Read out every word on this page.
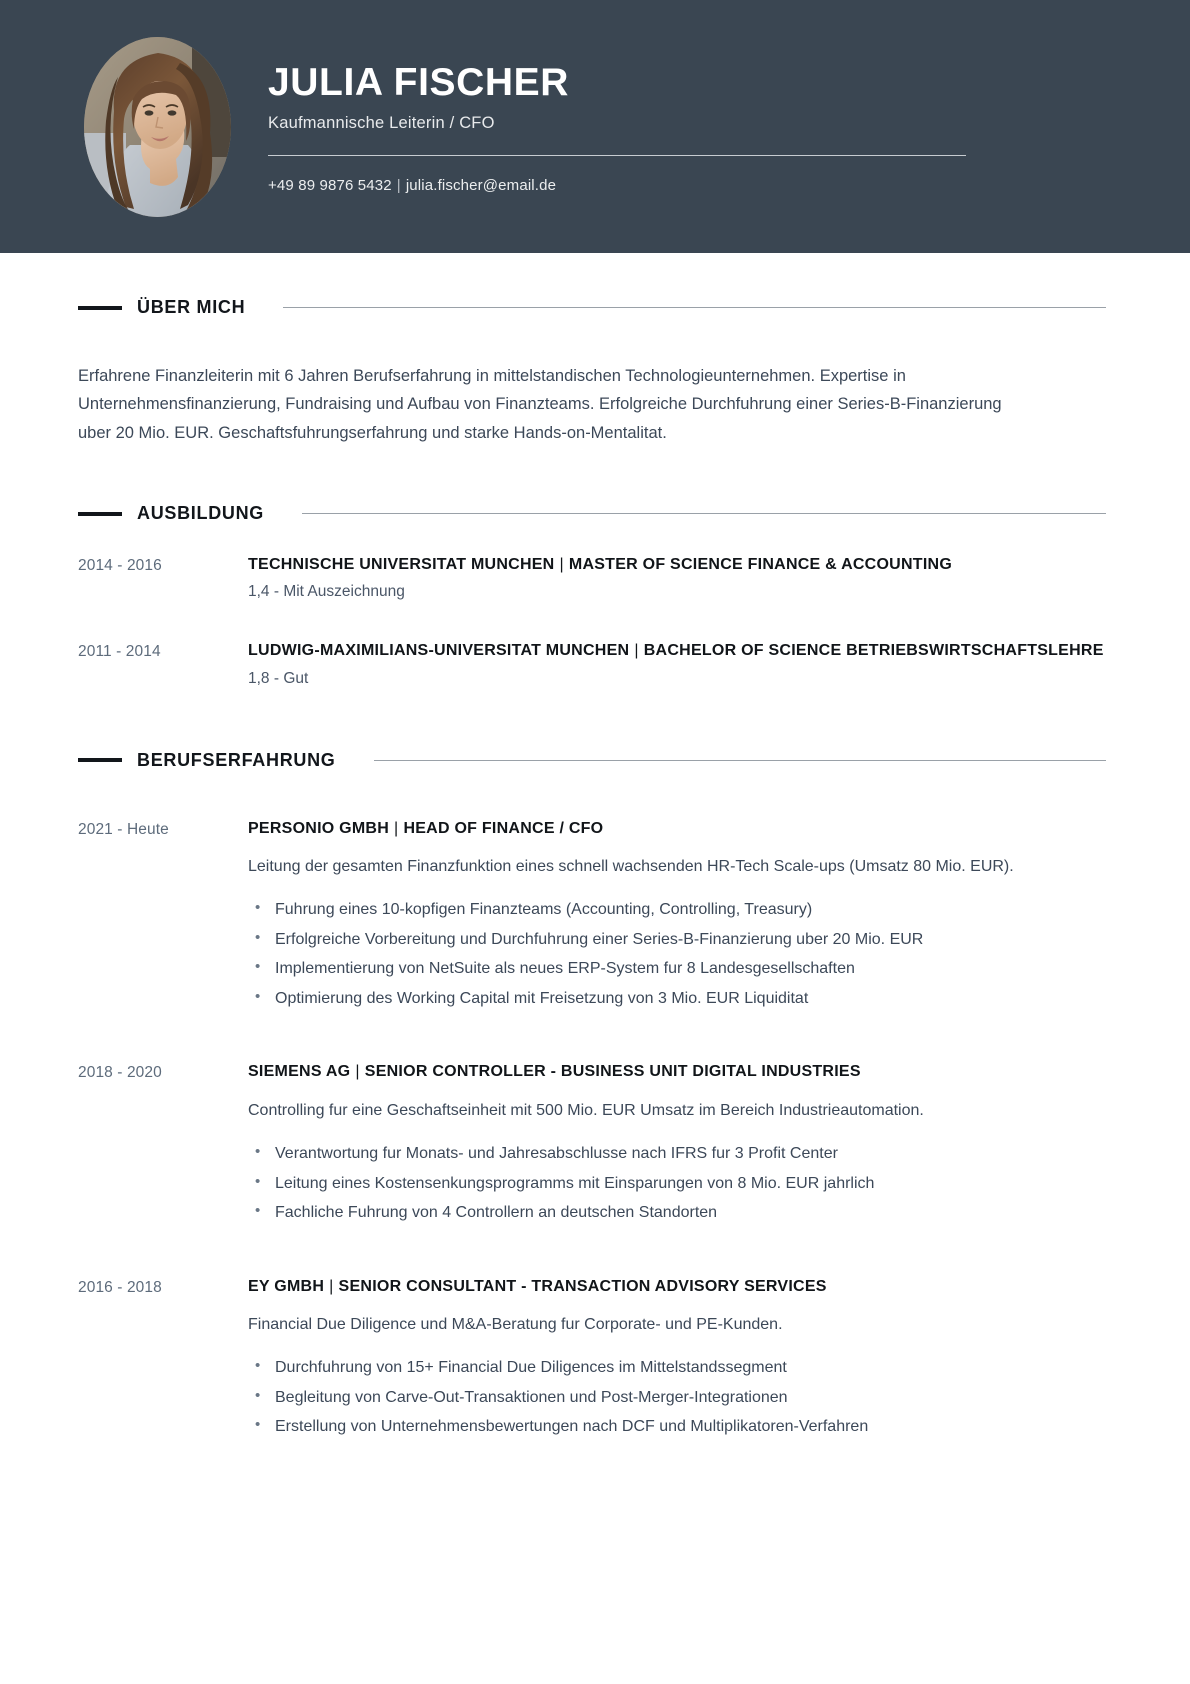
JULIA FISCHER
Kaufmannische Leiterin / CFO
+49 89 9876 5432 | julia.fischer@email.de
ÜBER MICH

Erfahrene Finanzleiterin mit 6 Jahren Berufserfahrung in mittelstandischen Technologieunternehmen. Expertise in Unternehmensfinanzierung, Fundraising und Aufbau von Finanzteams. Erfolgreiche Durchfuhrung einer Series-B-Finanzierung uber 20 Mio. EUR. Geschaftsfuhrungserfahrung und starke Hands-on-Mentalitat.

AUSBILDUNG
2014 - 2016	TECHNISCHE UNIVERSITAT MUNCHEN | MASTER OF SCIENCE FINANCE & ACCOUNTING
1,4 - Mit Auszeichnung
2011 - 2014	LUDWIG-MAXIMILIANS-UNIVERSITAT MUNCHEN | BACHELOR OF SCIENCE BETRIEBSWIRTSCHAFTSLEHRE
1,8 - Gut
BERUFSERFAHRUNG
2021 - Heute	PERSONIO GMBH | HEAD OF FINANCE / CFO

Leitung der gesamten Finanzfunktion eines schnell wachsenden HR-Tech Scale-ups (Umsatz 80 Mio. EUR).

• Fuhrung eines 10-kopfigen Finanzteams (Accounting, Controlling, Treasury)
• Erfolgreiche Vorbereitung und Durchfuhrung einer Series-B-Finanzierung uber 20 Mio. EUR
• Implementierung von NetSuite als neues ERP-System fur 8 Landesgesellschaften
• Optimierung des Working Capital mit Freisetzung von 3 Mio. EUR Liquiditat
2018 - 2020	SIEMENS AG | SENIOR CONTROLLER - BUSINESS UNIT DIGITAL INDUSTRIES

Controlling fur eine Geschaftseinheit mit 500 Mio. EUR Umsatz im Bereich Industrieautomation.

• Verantwortung fur Monats- und Jahresabschlusse nach IFRS fur 3 Profit Center
• Leitung eines Kostensenkungsprogramms mit Einsparungen von 8 Mio. EUR jahrlich
• Fachliche Fuhrung von 4 Controllern an deutschen Standorten
2016 - 2018	EY GMBH | SENIOR CONSULTANT - TRANSACTION ADVISORY SERVICES

Financial Due Diligence und M&A-Beratung fur Corporate- und PE-Kunden.

• Durchfuhrung von 15+ Financial Due Diligences im Mittelstandssegment
• Begleitung von Carve-Out-Transaktionen und Post-Merger-Integrationen
• Erstellung von Unternehmensbewertungen nach DCF und Multiplikatoren-Verfahren
